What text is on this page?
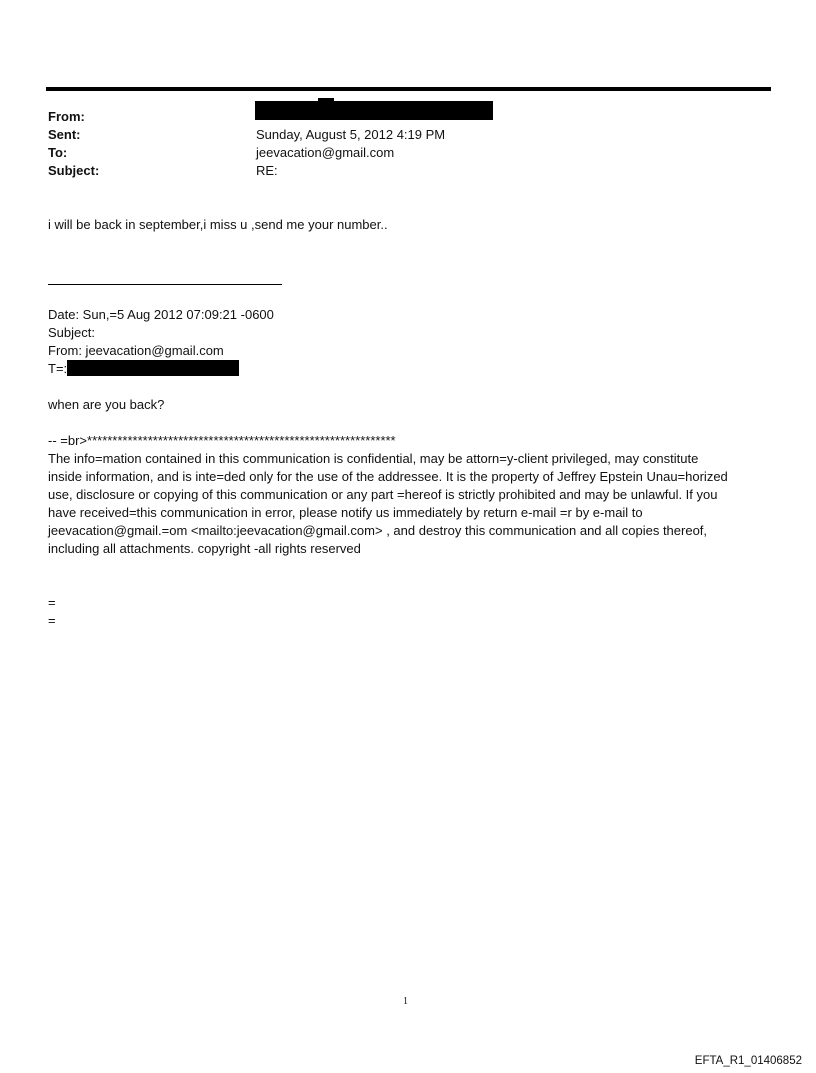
From:
Sent:	Sunday, August 5, 2012 4:19 PM
To:	jeevacation@gmail.com
Subject:	RE:
i will be back in september,i miss u ,send me your number..
Date: Sun,=5 Aug 2012 07:09:21 -0600
Subject:
From: jeevacation@gmail.com
T=:
when are you back?
-- =br>*************************************************************
The info=mation contained in this communication is confidential, may be attorn=y-client privileged, may constitute
inside information, and is inte=ded only for the use of the addressee. It is the property of Jeffrey Epstein Unau=horized
use, disclosure or copying of this communication or any part =hereof is strictly prohibited and may be unlawful. If you
have received=this communication in error, please notify us immediately by return e-mail =r by e-mail to
jeevacation@gmail.=om <mailto:jeevacation@gmail.com> , and destroy this communication and all copies thereof,
including all attachments. copyright -all rights reserved
=
=
1
EFTA_R1_01406852
